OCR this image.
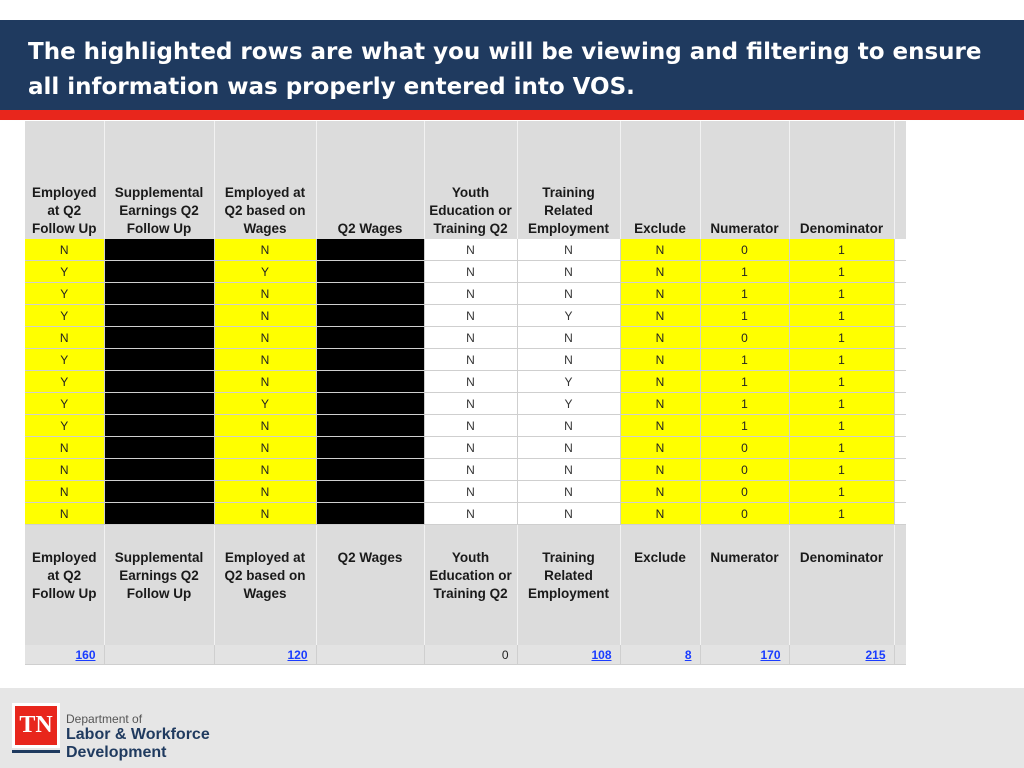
The highlighted rows are what you will be viewing and filtering to ensure all information was properly entered into VOS.
Employed at Q2 Follow Up	Supplemental Earnings Q2 Follow Up	Employed at Q2 based on Wages	Q2 Wages	Youth Education or Training Q2	Training Related Employment	Exclude	Numerator	Denominator	
N		N		N	N	N	0	1	
Y		Y		N	N	N	1	1	
Y		N		N	N	N	1	1	
Y		N		N	Y	N	1	1	
N		N		N	N	N	0	1	
Y		N		N	N	N	1	1	
Y		N		N	Y	N	1	1	
Y		Y		N	Y	N	1	1	
Y		N		N	N	N	1	1	
N		N		N	N	N	0	1	
N		N		N	N	N	0	1	
N		N		N	N	N	0	1	
N		N		N	N	N	0	1	
Employed at Q2 Follow Up	Supplemental Earnings Q2 Follow Up	Employed at Q2 based on Wages	Q2 Wages	Youth Education or Training Q2	Training Related Employment	Exclude	Numerator	Denominator	
160		120		0	108	8	170	215	
TN	Department of
Labor & Workforce
Development
